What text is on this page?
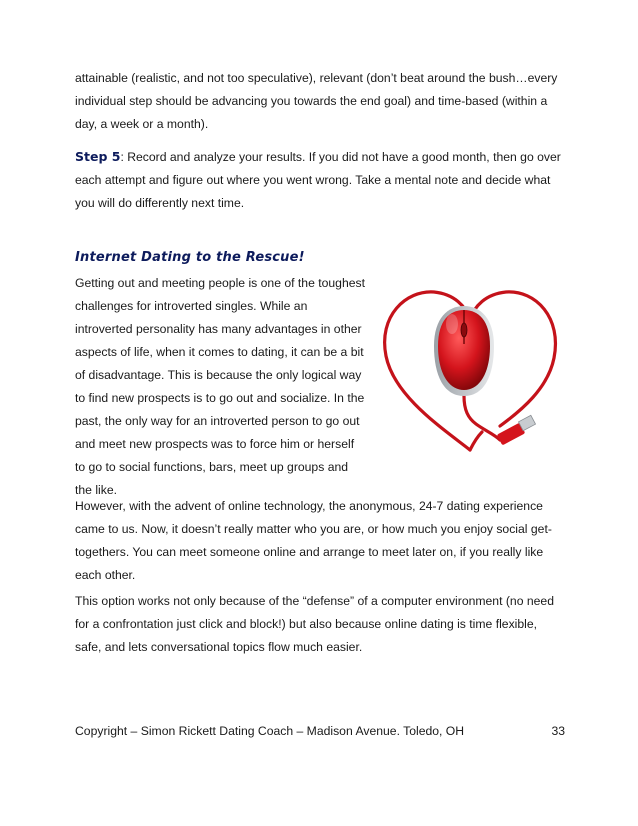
attainable (realistic, and not too speculative), relevant (don’t beat around the bush…every individual step should be advancing you towards the end goal) and time-based (within a day, a week or a month).

Step 5: Record and analyze your results. If you did not have a good month, then go over each attempt and figure out where you went wrong. Take a mental note and decide what you will do differently next time.

Internet Dating to the Rescue!

Getting out and meeting people is one of the toughest challenges for introverted singles. While an introverted personality has many advantages in other aspects of life, when it comes to dating, it can be a bit of disadvantage. This is because the only logical way to find new prospects is to go out and socialize. In the past, the only way for an introverted person to go out and meet new prospects was to force him or herself to go to social functions, bars, meet up groups and the like.

However, with the advent of online technology, the anonymous, 24-7 dating experience came to us. Now, it doesn’t really matter who you are, or how much you enjoy social get-togethers. You can meet someone online and arrange to meet later on, if you really like each other.

This option works not only because of the “defense” of a computer environment (no need for a confrontation just click and block!) but also because online dating is time flexible, safe, and lets conversational topics flow much easier.

Copyright – Simon Rickett Dating Coach – Madison Avenue. Toledo, OH	33
